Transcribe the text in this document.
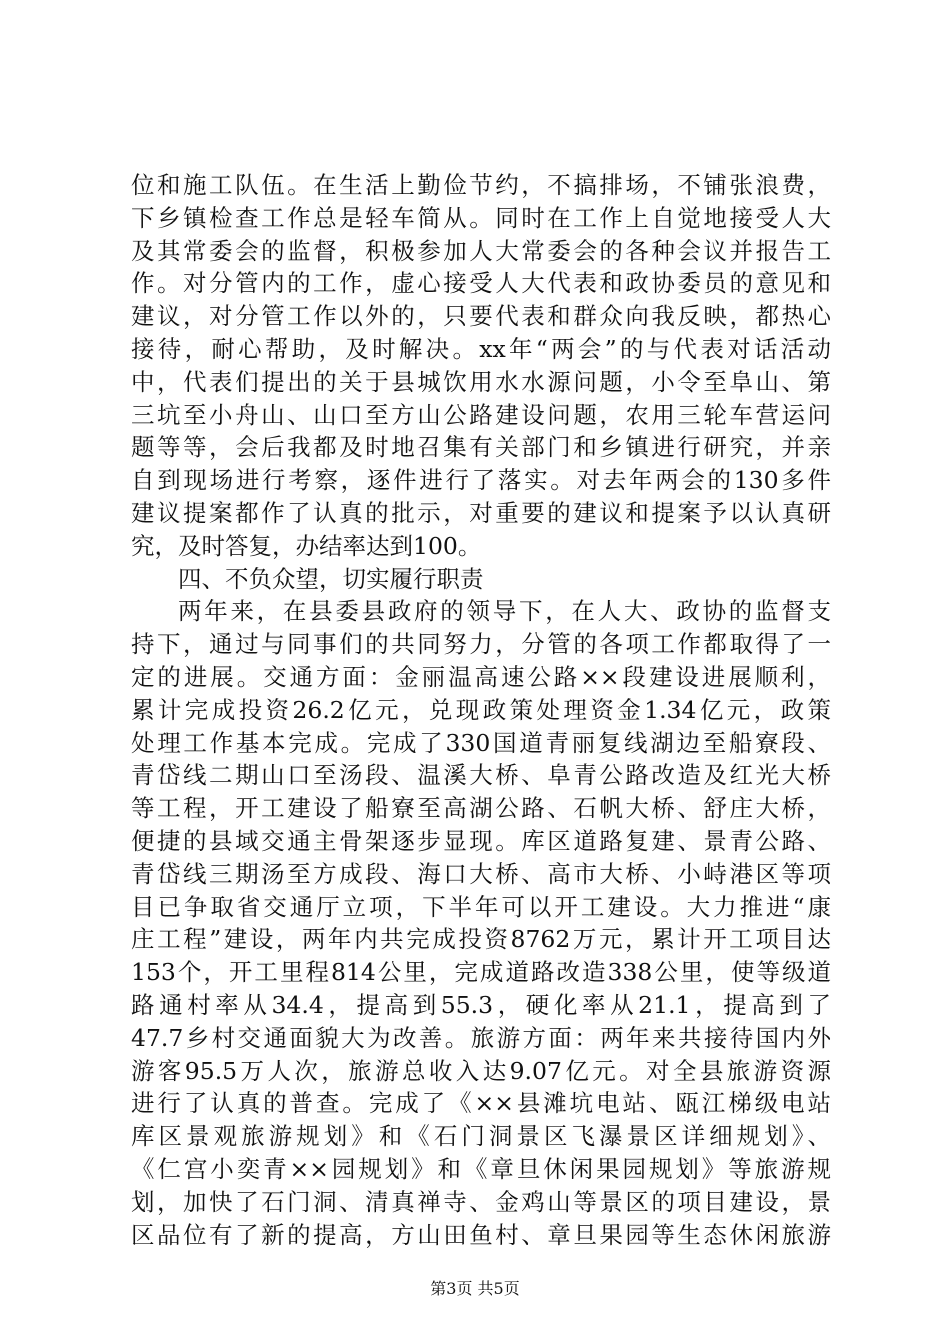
位和施工队伍。在生活上勤俭节约，不搞排场，不铺张浪费，
下乡镇检查工作总是轻车简从。同时在工作上自觉地接受人大
及其常委会的监督，积极参加人大常委会的各种会议并报告工
作。对分管内的工作，虚心接受人大代表和政协委员的意见和
建议，对分管工作以外的，只要代表和群众向我反映，都热心
接待，耐心帮助，及时解决。xx年“两会”的与代表对话活动
中，代表们提出的关于县城饮用水水源问题，小令至阜山、第
三坑至小舟山、山口至方山公路建设问题，农用三轮车营运问
题等等，会后我都及时地召集有关部门和乡镇进行研究，并亲
自到现场进行考察，逐件进行了落实。对去年两会的130多件
建议提案都作了认真的批示，对重要的建议和提案予以认真研
究，及时答复，办结率达到100。
四、不负众望，切实履行职责
两年来，在县委县政府的领导下，在人大、政协的监督支
持下，通过与同事们的共同努力，分管的各项工作都取得了一
定的进展。交通方面：金丽温高速公路××段建设进展顺利，
累计完成投资26.2亿元，兑现政策处理资金1.34亿元，政策
处理工作基本完成。完成了330国道青丽复线湖边至船寮段、
青岱线二期山口至汤段、温溪大桥、阜青公路改造及红光大桥
等工程，开工建设了船寮至高湖公路、石帆大桥、舒庄大桥，
便捷的县域交通主骨架逐步显现。库区道路复建、景青公路、
青岱线三期汤至方成段、海口大桥、高市大桥、小峙港区等项
目已争取省交通厅立项，下半年可以开工建设。大力推进“康
庄工程”建设，两年内共完成投资8762万元，累计开工项目达
153个，开工里程814公里，完成道路改造338公里，使等级道
路通村率从34.4，提高到55.3，硬化率从21.1，提高到了
47.7乡村交通面貌大为改善。旅游方面：两年来共接待国内外
游客95.5万人次，旅游总收入达9.07亿元。对全县旅游资源
进行了认真的普查。完成了《××县滩坑电站、瓯江梯级电站
库区景观旅游规划》和《石门洞景区飞瀑景区详细规划》、
《仁宫小奕青××园规划》和《章旦休闲果园规划》等旅游规
划，加快了石门洞、清真禅寺、金鸡山等景区的项目建设，景
区品位有了新的提高，方山田鱼村、章旦果园等生态休闲旅游
第3页 共5页
